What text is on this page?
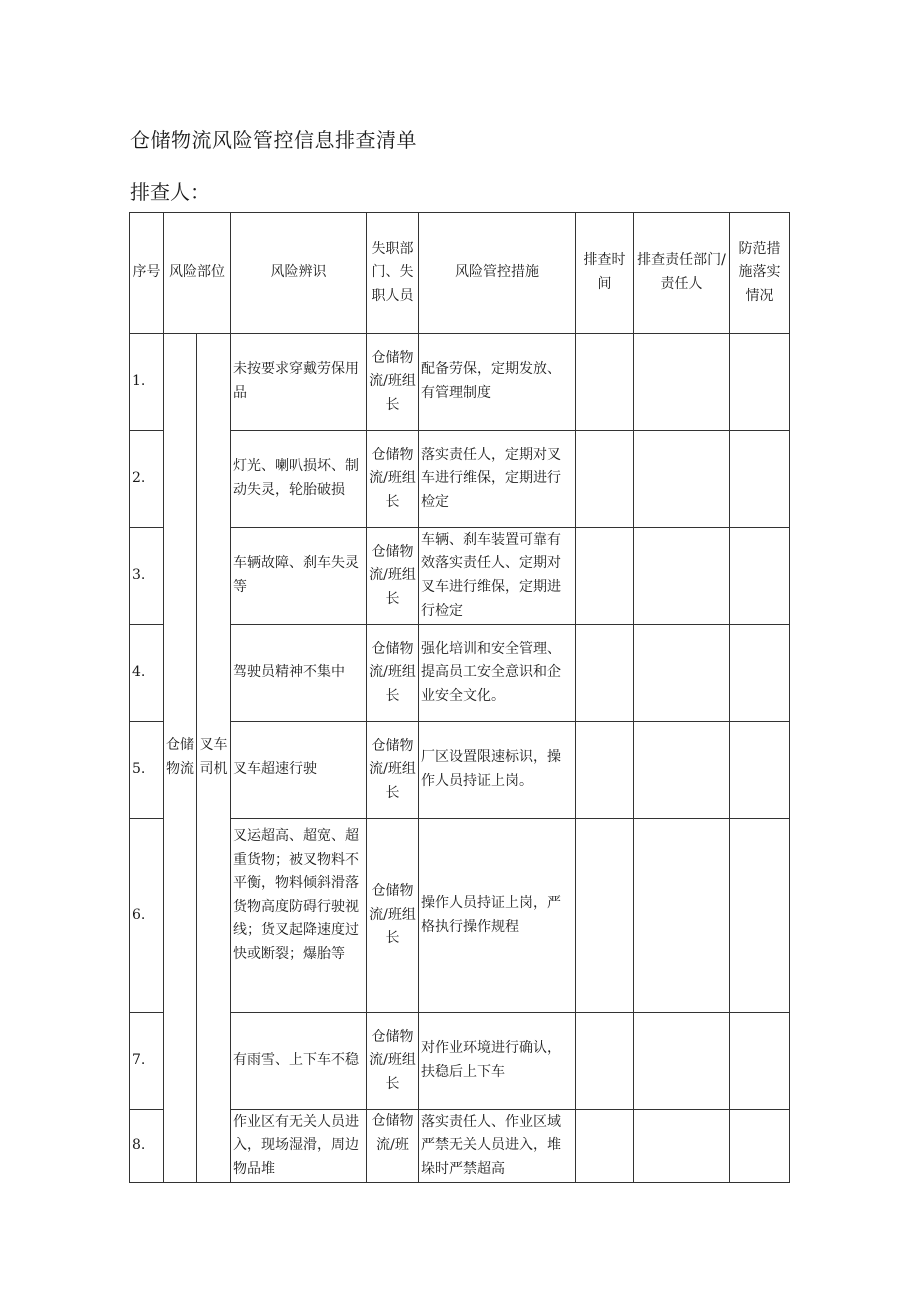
仓储物流风险管控信息排查清单
排查人：
序号	风险部位		风险辨识	失职部门、失职人员	风险管控措施	排查时间	排查责任部门/责任人	防范措施落实情况
1.	仓储物流	叉车司机	未按要求穿戴劳保用品	仓储物流/班组长	配备劳保，定期发放、有管理制度			
2.			灯光、喇叭损坏、制动失灵，轮胎破损	仓储物流/班组长	落实责任人，定期对叉车进行维保，定期进行检定			
3.			车辆故障、刹车失灵等	仓储物流/班组长	车辆、刹车装置可靠有效落实责任人、定期对叉车进行维保，定期进行检定			
4.			驾驶员精神不集中	仓储物流/班组长	强化培训和安全管理、提高员工安全意识和企业安全文化。			
5.			叉车超速行驶	仓储物流/班组长	厂区设置限速标识，操作人员持证上岗。			
6.			叉运超高、超宽、超重货物；被叉物料不平衡，物料倾斜滑落货物高度防碍行驶视线；货叉起降速度过快或断裂；爆胎等	仓储物流/班组长	操作人员持证上岗，严格执行操作规程			
7.			有雨雪、上下车不稳	仓储物流/班组长	对作业环境进行确认，扶稳后上下车			
8.			作业区有无关人员进入，现场湿滑，周边物品堆	仓储物流/班	落实责任人、作业区域严禁无关人员进入，堆垛时严禁超高			
